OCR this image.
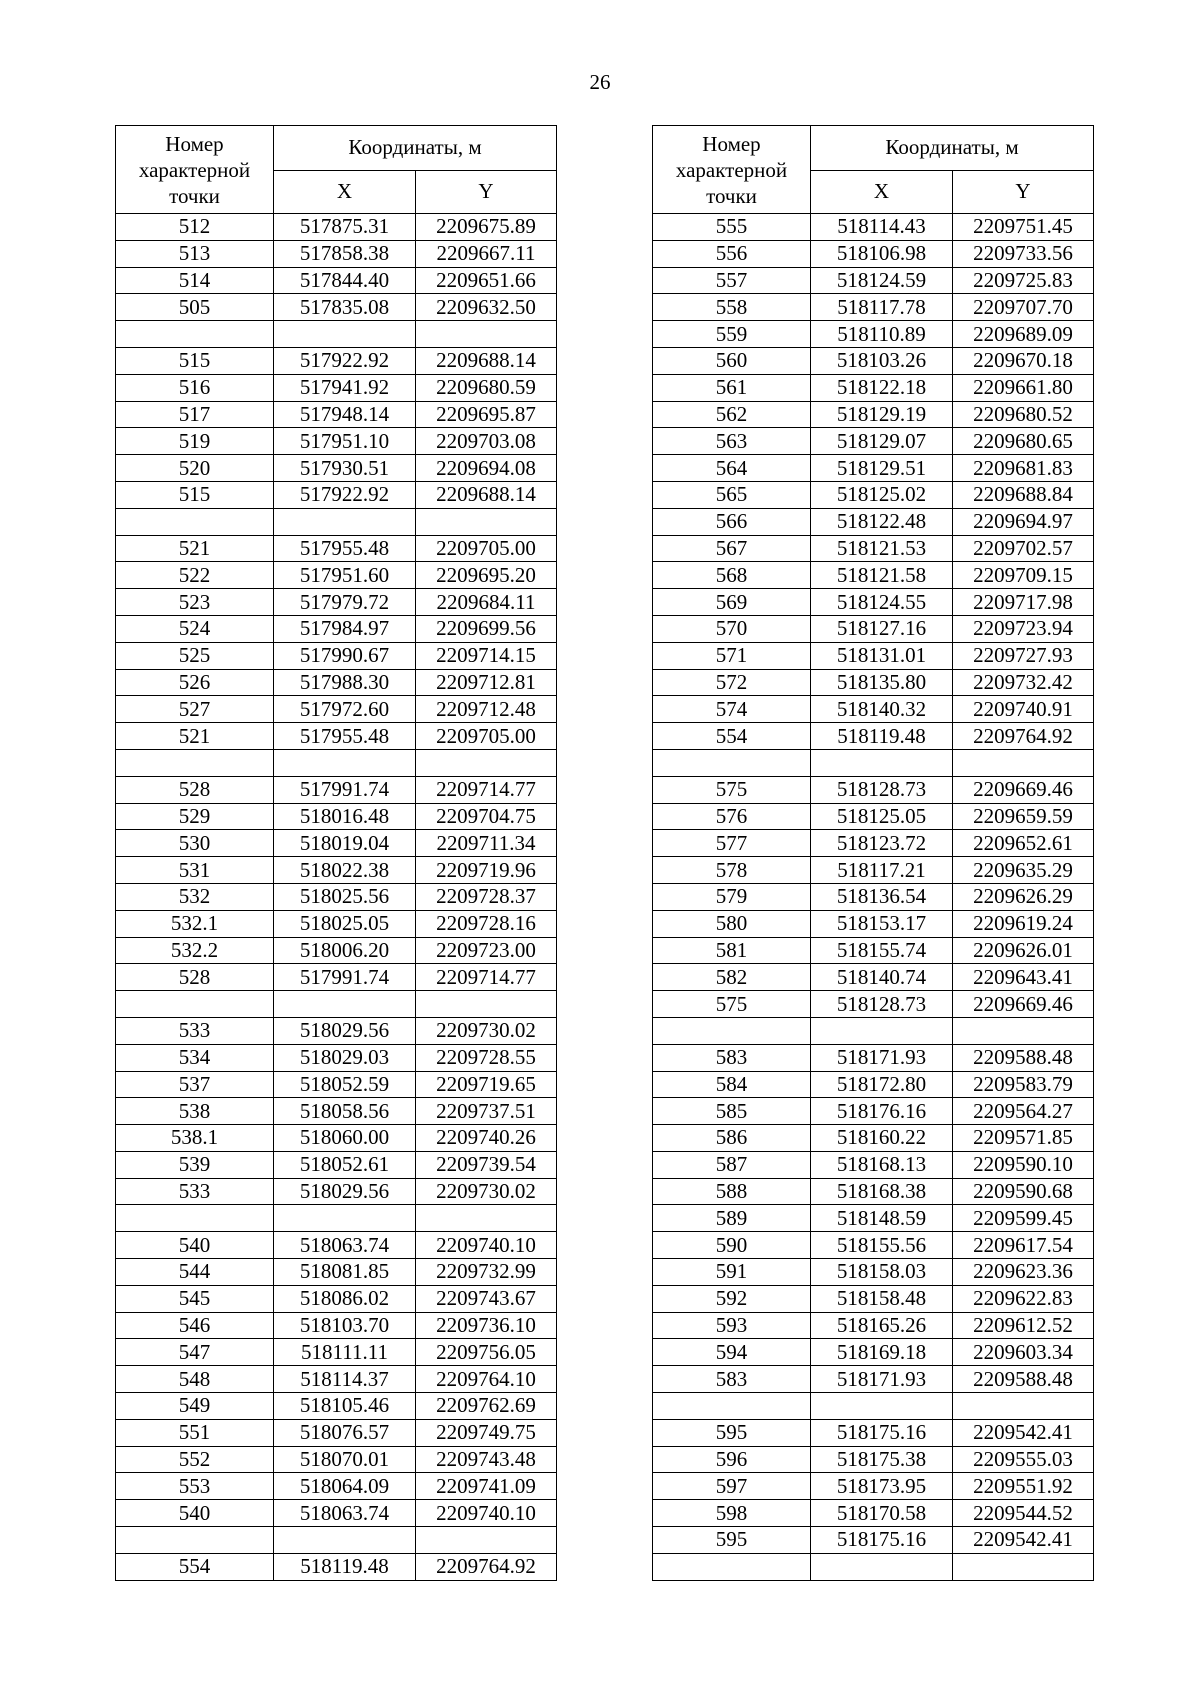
26
Номер
характерной
точки	Координаты, м	
	X	Y
512	517875.31	2209675.89
513	517858.38	2209667.11
514	517844.40	2209651.66
505	517835.08	2209632.50

515	517922.92	2209688.14
516	517941.92	2209680.59
517	517948.14	2209695.87
519	517951.10	2209703.08
520	517930.51	2209694.08
515	517922.92	2209688.14

521	517955.48	2209705.00
522	517951.60	2209695.20
523	517979.72	2209684.11
524	517984.97	2209699.56
525	517990.67	2209714.15
526	517988.30	2209712.81
527	517972.60	2209712.48
521	517955.48	2209705.00

528	517991.74	2209714.77
529	518016.48	2209704.75
530	518019.04	2209711.34
531	518022.38	2209719.96
532	518025.56	2209728.37
532.1	518025.05	2209728.16
532.2	518006.20	2209723.00
528	517991.74	2209714.77

533	518029.56	2209730.02
534	518029.03	2209728.55
537	518052.59	2209719.65
538	518058.56	2209737.51
538.1	518060.00	2209740.26
539	518052.61	2209739.54
533	518029.56	2209730.02

540	518063.74	2209740.10
544	518081.85	2209732.99
545	518086.02	2209743.67
546	518103.70	2209736.10
547	518111.11	2209756.05
548	518114.37	2209764.10
549	518105.46	2209762.69
551	518076.57	2209749.75
552	518070.01	2209743.48
553	518064.09	2209741.09
540	518063.74	2209740.10

554	518119.48	2209764.92
Номер
характерной
точки	Координаты, м	
	X	Y
555	518114.43	2209751.45
556	518106.98	2209733.56
557	518124.59	2209725.83
558	518117.78	2209707.70
559	518110.89	2209689.09
560	518103.26	2209670.18
561	518122.18	2209661.80
562	518129.19	2209680.52
563	518129.07	2209680.65
564	518129.51	2209681.83
565	518125.02	2209688.84
566	518122.48	2209694.97
567	518121.53	2209702.57
568	518121.58	2209709.15
569	518124.55	2209717.98
570	518127.16	2209723.94
571	518131.01	2209727.93
572	518135.80	2209732.42
574	518140.32	2209740.91
554	518119.48	2209764.92

575	518128.73	2209669.46
576	518125.05	2209659.59
577	518123.72	2209652.61
578	518117.21	2209635.29
579	518136.54	2209626.29
580	518153.17	2209619.24
581	518155.74	2209626.01
582	518140.74	2209643.41
575	518128.73	2209669.46

583	518171.93	2209588.48
584	518172.80	2209583.79
585	518176.16	2209564.27
586	518160.22	2209571.85
587	518168.13	2209590.10
588	518168.38	2209590.68
589	518148.59	2209599.45
590	518155.56	2209617.54
591	518158.03	2209623.36
592	518158.48	2209622.83
593	518165.26	2209612.52
594	518169.18	2209603.34
583	518171.93	2209588.48

595	518175.16	2209542.41
596	518175.38	2209555.03
597	518173.95	2209551.92
598	518170.58	2209544.52
595	518175.16	2209542.41
